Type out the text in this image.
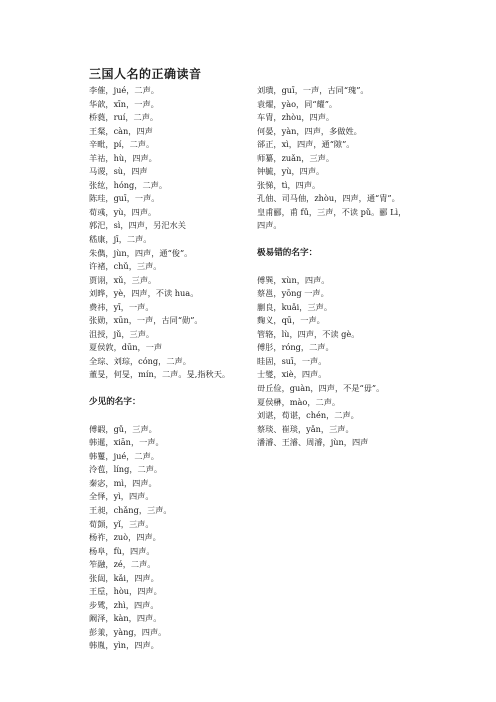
三国人名的正确读音
李傕，jué，二声。
华歆，xīn，一声。
桥蕤，ruí，二声。
王粲，càn，四声
辛毗，pí，二声。
羊祜，hù，四声。
马谡，sù，四声
张纮，hóng，二声。
陈珪，guī，一声。
荀彧，yù，四声。
郭汜，sì，四声，另汜水关
嵇康，jī，二声。
朱儁，jùn，四声，通“俊”。
许褚，chǔ，三声。
贾诩，xǔ，三声。
刘晔，yè，四声，不读 hua。
费祎，yī，一声。
张勋，xūn，一声，古同“勋”。
沮授，jǔ，三声。
夏侯敦，dūn，一声
全琮、刘琮，cóng，二声。
董旻，何旻，mín，二声。旻,指秋天。
少见的名字：
傅嘏，gǔ，三声。
韩暹，xiān，一声。
韩矍，jué，二声。
泠苞，líng，二声。
秦宓，mì，四声。
全怿，yì，四声。
王昶，chǎng，三声。
荀顗，yǐ，三声。
杨祚，zuò，四声。
杨阜，fù，四声。
笮融，zé，二声。
张闿，kǎi，四声。
王垕，hòu，四声。
步骘，zhì，四声。
阚泽，kàn，四声。
彭羕，yàng，四声。
韩胤，yìn，四声。
刘璝，guī，一声，古同“瑰”。
袁燿，yào，同“耀”。
车胄，zhòu，四声。
何晏，yàn，四声，多做姓。
郤正，xì，四声，通“隙”。
师纂，zuǎn，三声。
钟毓，yù，四声。
张悌，tì，四声。
孔伷、司马伷，zhòu，四声，通“胄”。
皇甫郦，甫 fǔ，三声，不读 pǔ。郦 Lì，
四声。
极易错的名字：
傅巽，xùn，四声。
蔡邕，yōng 一声。
蒯良，kuǎi，三声。
麴义，qū，一声。
管辂，lù，四声，不读 gè。
傅肜，róng，二声。
眭固，suī，一声。
士燮，xiè，四声。
毌丘俭，guàn，四声，不是“毋”。
夏侯楙，mào，二声。
刘谌，荀谌，chén，二声。
蔡琰、崔琰，yǎn，三声。
潘濬、王濬、周濬，jùn，四声
